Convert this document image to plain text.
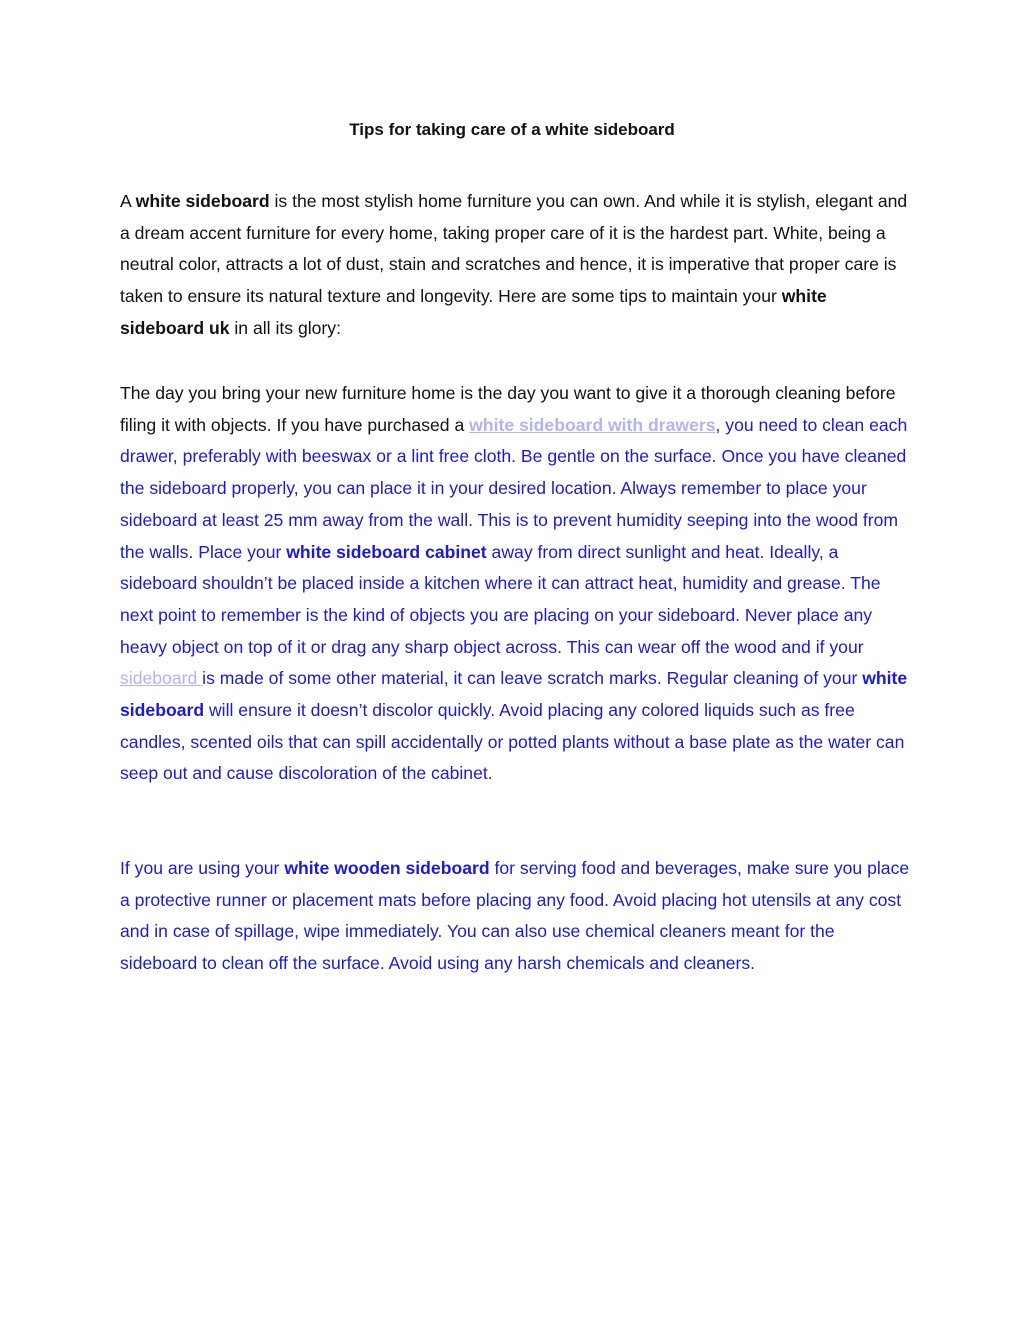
Tips for taking care of a white sideboard

A white sideboard is the most stylish home furniture you can own. And while it is stylish, elegant and a dream accent furniture for every home, taking proper care of it is the hardest part. White, being a neutral color, attracts a lot of dust, stain and scratches and hence, it is imperative that proper care is taken to ensure its natural texture and longevity. Here are some tips to maintain your white sideboard uk in all its glory:

The day you bring your new furniture home is the day you want to give it a thorough cleaning before filing it with objects. If you have purchased a white sideboard with drawers, you need to clean each drawer, preferably with beeswax or a lint free cloth. Be gentle on the surface. Once you have cleaned the sideboard properly, you can place it in your desired location. Always remember to place your sideboard at least 25 mm away from the wall. This is to prevent humidity seeping into the wood from the walls. Place your white sideboard cabinet away from direct sunlight and heat. Ideally, a sideboard shouldn’t be placed inside a kitchen where it can attract heat, humidity and grease. The next point to remember is the kind of objects you are placing on your sideboard. Never place any heavy object on top of it or drag any sharp object across. This can wear off the wood and if your sideboard is made of some other material, it can leave scratch marks. Regular cleaning of your white sideboard will ensure it doesn’t discolor quickly. Avoid placing any colored liquids such as free candles, scented oils that can spill accidentally or potted plants without a base plate as the water can seep out and cause discoloration of the cabinet.

If you are using your white wooden sideboard for serving food and beverages, make sure you place a protective runner or placement mats before placing any food. Avoid placing hot utensils at any cost and in case of spillage, wipe immediately. You can also use chemical cleaners meant for the sideboard to clean off the surface. Avoid using any harsh chemicals and cleaners.
